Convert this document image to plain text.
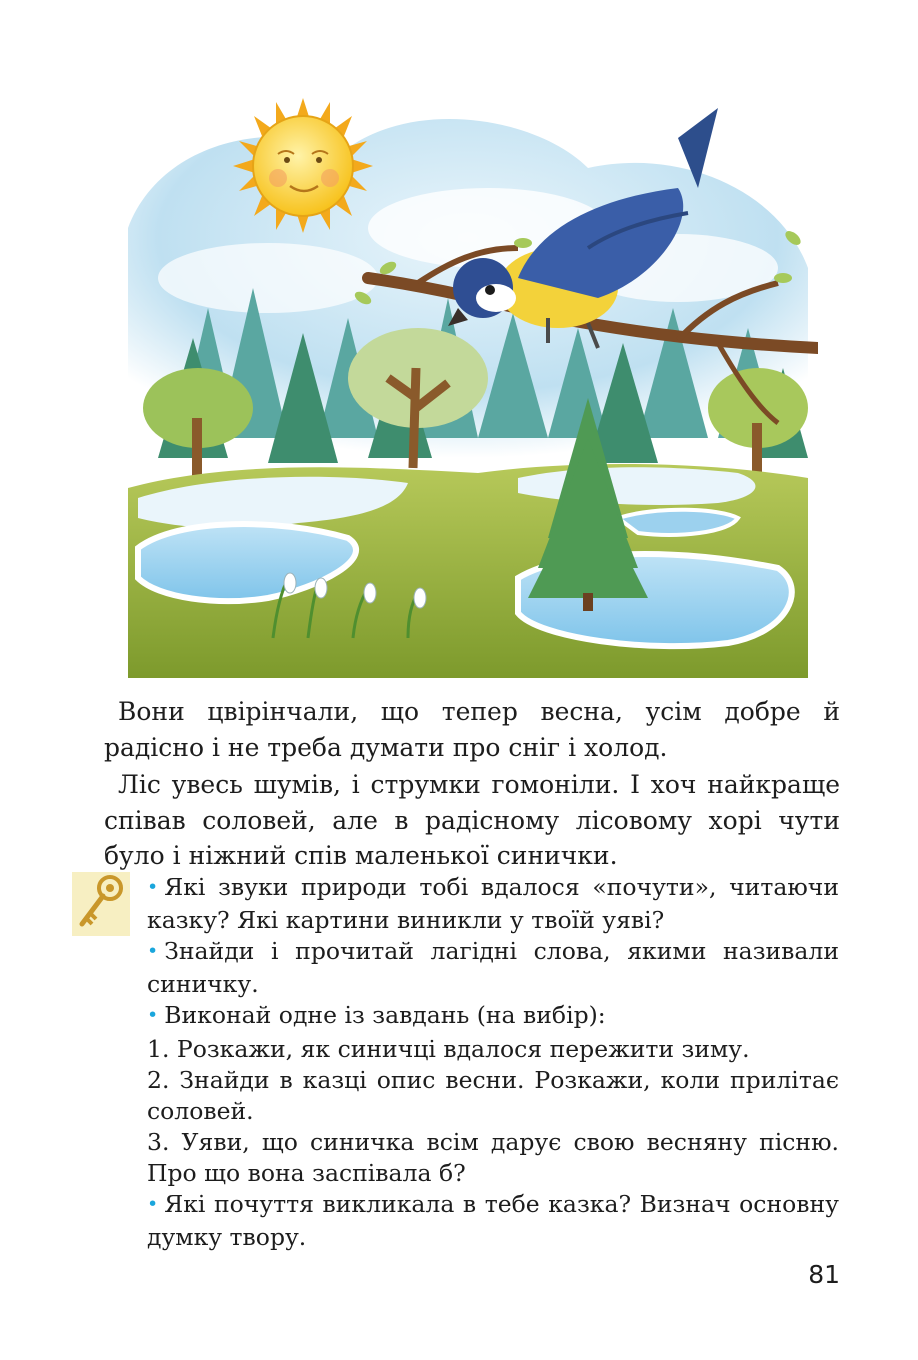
Вони цвірінчали, що тепер весна, усім добре й радісно і не треба думати про сніг і холод.

Ліс увесь шумів, і струмки гомоніли. І хоч найкраще співав соловей, але в радісному лісовому хорі чути було і ніжний спів маленької синички.

• Які звуки природи тобі вдалося «почути», читаючи казку? Які картини виникли у твоїй уяві?
• Знайди і прочитай лагідні слова, якими називали синичку.
• Виконай одне із завдань (на вибір):
1. Розкажи, як синичці вдалося пережити зиму.
2. Знайди в казці опис весни. Розкажи, коли прилітає соловей.
3. Уяви, що синичка всім дарує свою весняну пісню. Про що вона заспівала б?
• Які почуття викликала в тебе казка? Визнач основну думку твору.
81
